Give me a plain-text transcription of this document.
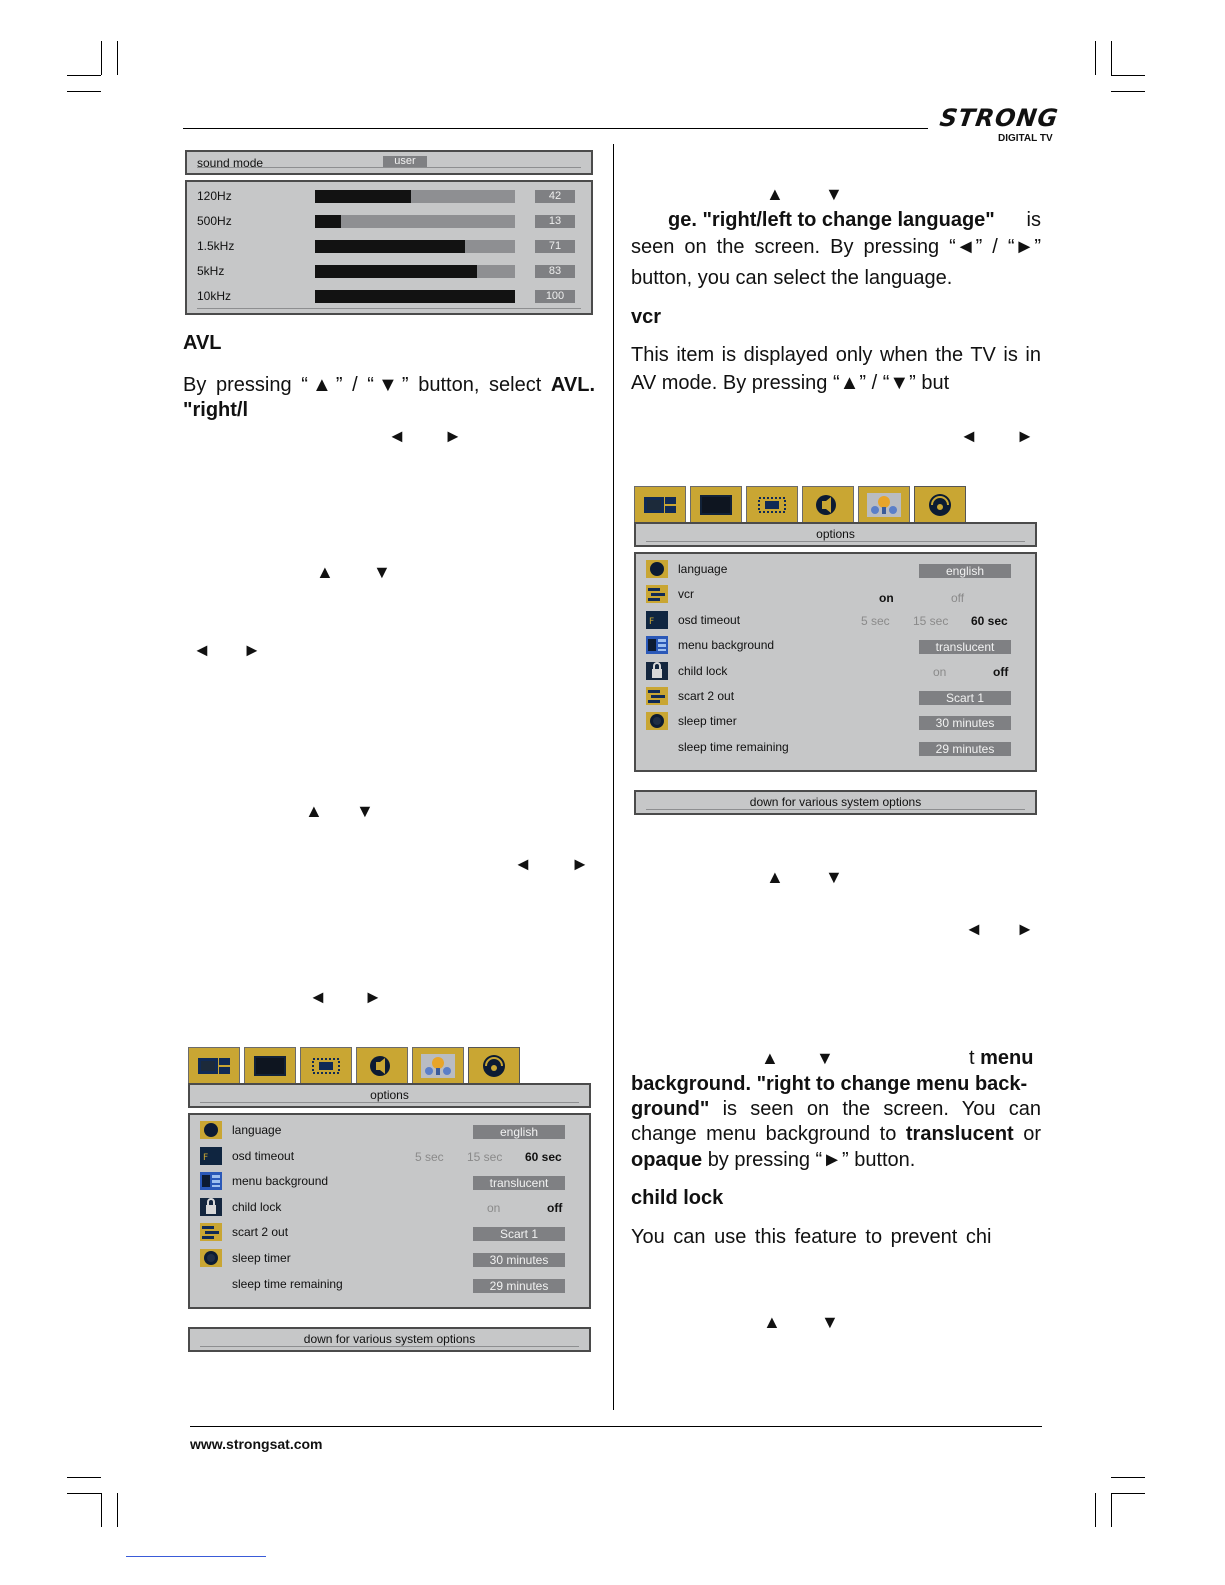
STRONG
DIGITAL TV
sound mode	user
120Hz	42
500Hz	13
1.5kHz	71
5kHz	83
10kHz	100
AVL
By pressing “▲” / “▼” button, select AVL.
"right/l
◄ ►
▲ ▼
◄ ►
▲ ▼
◄ ►
◄ ►
options
language	english
F osd timeout	5 sec 15 sec 60 sec
menu background	translucent
child lock	on	off
scart 2 out	Scart 1
sleep timer	30 minutes
sleep time remaining	29 minutes
down for various system options
▲ ▼
ge. "right/left to change language" is
seen on the screen. By pressing “◄” / “►”
button, you can select the language.
vcr
This item is displayed only when the TV is in
AV mode. By pressing “▲” / “▼” but
◄ ►
options
language	english
vcr	on	off
F osd timeout	5 sec 15 sec 60 sec
menu background	translucent
child lock	on	off
scart 2 out	Scart 1
sleep timer	30 minutes
sleep time remaining	29 minutes
down for various system options
▲ ▼
◄ ►
▲ ▼	t menu
background. "right to change menu back-
ground" is seen on the screen. You can
change menu background to translucent or
opaque by pressing “►” button.
child lock
You can use this feature to prevent chi
▲ ▼
www.strongsat.com
